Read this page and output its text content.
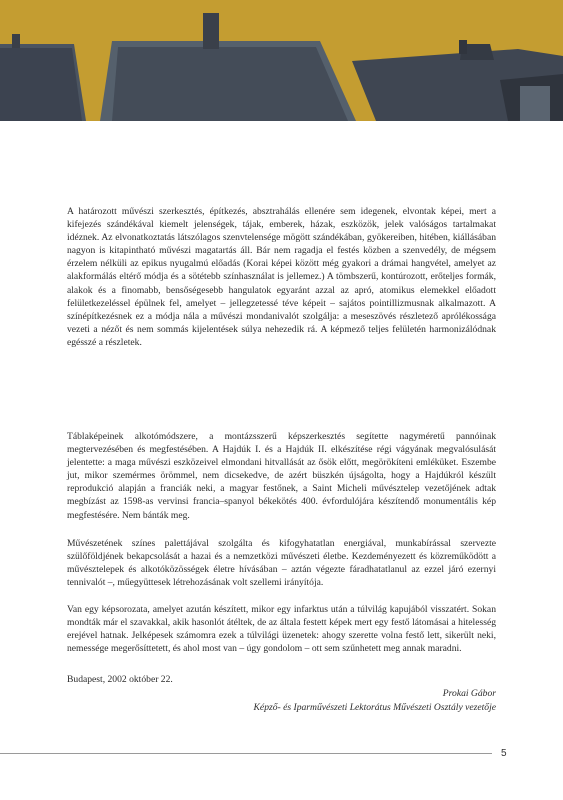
A határozott művészi szerkesztés, építkezés, absztrahálás ellenére sem idegenek, elvontak képei, mert a kifejezés szándékával kiemelt jelenségek, tájak, emberek, házak, eszközök, jelek valóságos tartalmakat idéznek. Az elvonatkoztatás látszólagos szenvtelensége mögött szándékában, gyökereiben, hitében, kiállásában nagyon is kitapintható művészi magatartás áll. Bár nem ragadja el festés közben a szenvedély, de mégsem érzelem nélküli az epikus nyugalmú előadás (Korai képei között még gyakori a drámai hangvétel, amelyet az alakformálás eltérő módja és a sötétebb színhasználat is jellemez.) A tömbszerű, kontúrozott, erőteljes formák, alakok és a finomabb, bensőségesebb hangulatok egyaránt azzal az apró, atomikus elemekkel előadott felületkezeléssel épülnek fel, amelyet – jellegzetessé téve képeit – sajátos pointillizmusnak alkalmazott. A színépítkezésnek ez a módja nála a művészi mondanivalót szolgálja: a meseszövés részletező aprólékossága vezeti a nézőt és nem sommás kijelentések súlya nehezedik rá. A képmező teljes felületén harmonizálódnak egésszé a részletek.

Táblaképeinek alkotómódszere, a montázsszerű képszerkesztés segítette nagyméretű pannóinak megtervezésében és megfestésében. A Hajdúk I. és a Hajdúk II. elkészítése régi vágyának megvalósulását jelentette: a maga művészi eszközeivel elmondani hitvallását az ősök előtt, megörökíteni emléküket. Eszembe jut, mikor szemérmes örömmel, nem dicsekedve, de azért büszkén újságolta, hogy a Hajdúkról készült reprodukció alapján a franciák neki, a magyar festőnek, a Saint Micheli művésztelep vezetőjének adtak megbízást az 1598-as vervinsi francia–spanyol békekötés 400. évfordulójára készítendő monumentális kép megfestésére. Nem bánták meg.

Művészetének színes palettájával szolgálta és kifogyhatatlan energiával, munkabírással szervezte szülőföldjének bekapcsolását a hazai és a nemzetközi művészeti életbe. Kezdeményezett és közreműködött a művésztelepek és alkotóközösségek életre hívásában – aztán végezte fáradhatatlanul az ezzel járó ezernyi tennivalót –, műegyüttesek létrehozásának volt szellemi irányítója.

Van egy képsorozata, amelyet azután készített, mikor egy infarktus után a túlvilág kapujából visszatért. Sokan mondták már el szavakkal, akik hasonlót átéltek, de az általa festett képek mert egy festő látomásai a hitelesség erejével hatnak. Jelképesek számomra ezek a túlvilági üzenetek: ahogy szerette volna festő lett, sikerült neki, nemessége megerősíttetett, és ahol most van – úgy gondolom – ott sem szűnhetett meg annak maradni.

Budapest, 2002 október 22.

Prokai Gábor

Képző- és Iparművészeti Lektorátus Művészeti Osztály vezetője

5
